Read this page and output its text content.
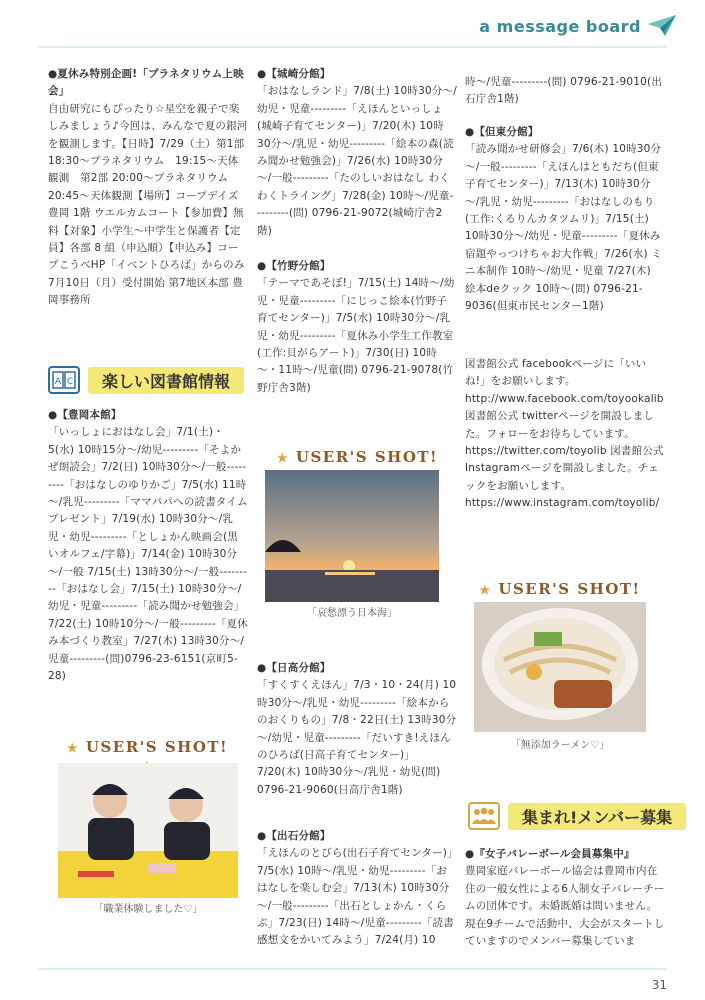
a message board

●夏休み特別企画!「プラネタリウム上映会」

自由研究にもぴったり☆星空を親子で楽しみましょう♪今回は、みんなで夏の銀河を観測します。【日時】7/29（土）第1部 18:30～プラネタリウム　19:15～天体観測　第2部 20:00～プラネタリウム 20:45～天体観測【場所】コープデイズ豊岡 1階 ウエルカムコート【参加費】無料【対象】小学生～中学生と保護者【定員】各部 8 組（申込順）【申込み】コープこうべHP「イベントひろば」からのみ 7月10日（月）受付開始 第7地区本部 豊岡事務所

A C	楽しい図書館情報

●【豊岡本館】

「いっしょにおはなし会」7/1(土)・5(水) 10時15分～/幼児---------「そよかぜ朗読会」7/2(日) 10時30分～/一般---------「おはなしのゆりかご」7/5(水) 11時～/乳児---------「ママパパへの読書タイムプレゼント」7/19(水) 10時30分～/乳児・幼児---------「としょかん映画会(黒いオルフェ/字幕)」7/14(金) 10時30分～/一般 7/15(土) 13時30分～/一般---------「おはなし会」7/15(土) 10時30分～/幼児・児童---------「読み聞かせ勉強会」7/22(土) 10時10分～/一般---------「夏休み本づくり教室」7/27(木) 13時30分～/児童---------(問)0796-23-6151(京町5-28)

★ USER'S SHOT!
「職業体験しました♡」

●【城崎分館】

「おはなしランド」7/8(土) 10時30分～/幼児・児童---------「えほんといっしょ(城崎子育てセンター)」7/20(木) 10時30分～/乳児・幼児---------「絵本の森(読み聞かせ勉強会)」7/26(水) 10時30分～/一般---------「たのしいおはなし わくわくトライング」7/28(金) 10時～/児童---------(問) 0796-21-9072(城崎庁舎2階)

●【竹野分館】

「テーマであそぼ!」7/15(土) 14時～/幼児・児童---------「にじっこ絵本(竹野子育てセンター)」7/5(水) 10時30分～/乳児・幼児---------「夏休み小学生工作教室(工作:貝がらアート)」7/30(日) 10時～・11時～/児童(問) 0796-21-9078(竹野庁舎3階)

★ USER'S SHOT!
「哀愁漂う日本海」

●【日高分館】

「すくすくえほん」7/3・10・24(月) 10時30分～/乳児・幼児---------「絵本からのおくりもの」7/8・22日(土) 13時30分～/幼児・児童---------「だいすき!えほんのひろば(日高子育てセンター)」7/20(木) 10時30分～/乳児・幼児(問) 0796-21-9060(日高庁舎1階)

●【出石分館】

「えほんのとびら(出石子育てセンター)」7/5(水) 10時～/乳児・幼児---------「おはなしを楽しむ会」7/13(木) 10時30分～/一般---------「出石としょかん・くらぶ」7/23(日) 14時～/児童---------「読書感想文をかいてみよう」7/24(月) 10

時～/児童---------(問) 0796-21-9010(出石庁舎1階)

●【但東分館】

「読み聞かせ研修会」7/6(木) 10時30分～/一般---------「えほんはともだち(但東子育てセンター)」7/13(木) 10時30分～/乳児・幼児---------「おはなしのもり(工作:くるりんカタツムリ)」7/15(土) 10時30分～/幼児・児童---------「夏休み宿題やっつけちゃお大作戦」7/26(水) ミニ本制作 10時～/幼児・児童 7/27(木) 絵本deクック 10時～(問) 0796-21-9036(但東市民センター1階)

図書館公式 facebookページに「いいね!」をお願いします。http://www.facebook.com/toyookalib 図書館公式 twitterページを開設しました。フォローをお待ちしています。https://twitter.com/toyolib 図書館公式 Instagramページを開設しました。チェックをお願いします。https://www.instagram.com/toyolib/

★ USER'S SHOT!
「無添加ラーメン♡」
集まれ!メンバー募集

●『女子バレーボール会員募集中』

豊岡家庭バレーボール協会は豊岡市内在住の一般女性による6人制女子バレーチームの団体です。未婚既婚は問いません。現在9チームで活動中、大会がスタートしていますのでメンバー募集していま

31
